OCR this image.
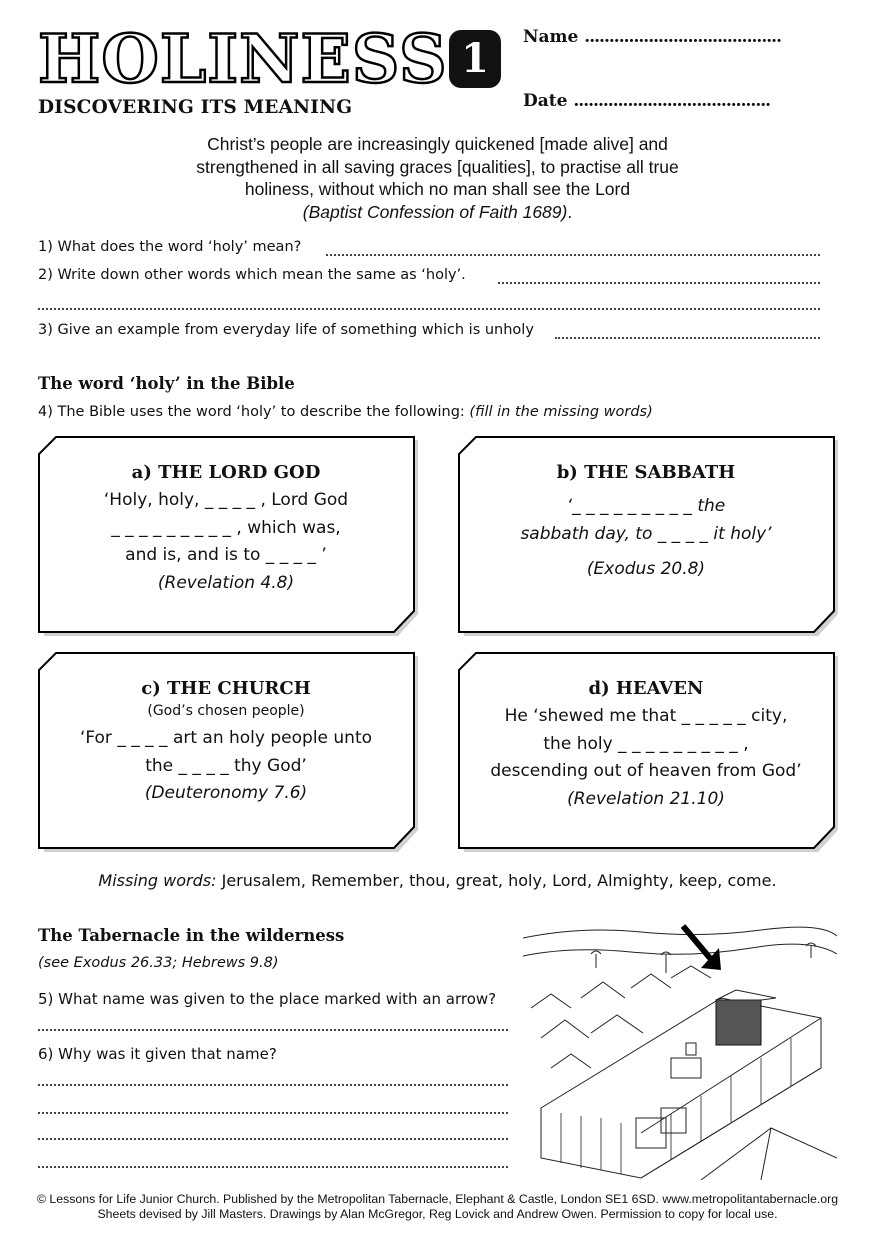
HOLINESS 1
DISCOVERING ITS MEANING
Name ........................................
Date ........................................
Christ’s people are increasingly quickened [made alive] and
strengthened in all saving graces [qualities], to practise all true
holiness, without which no man shall see the Lord
(Baptist Confession of Faith 1689).
1) What does the word ‘holy’ mean?
2) Write down other words which mean the same as ‘holy’.
3) Give an example from everyday life of something which is unholy
The word ‘holy’ in the Bible
4) The Bible uses the word ‘holy’ to describe the following: (fill in the missing words)
a) THE LORD GOD
‘Holy, holy, _ _ _ _ , Lord God
_ _ _ _ _ _ _ _ _ , which was,
and is, and is to _ _ _ _ ’
(Revelation 4.8)
b) THE SABBATH
‘_ _ _ _ _ _ _ _ _ the
sabbath day, to _ _ _ _ it holy’
(Exodus 20.8)
c) THE CHURCH
(God’s chosen people)
‘For _ _ _ _ art an holy people unto
the _ _ _ _ thy God’
(Deuteronomy 7.6)
d) HEAVEN
He ‘shewed me that _ _ _ _ _ city,
the holy _ _ _ _ _ _ _ _ _ ,
descending out of heaven from God’
(Revelation 21.10)
Missing words: Jerusalem, Remember, thou, great, holy, Lord, Almighty, keep, come.
The Tabernacle in the wilderness
(see Exodus 26.33; Hebrews 9.8)
5) What name was given to the place marked with an arrow?
6) Why was it given that name?
© Lessons for Life Junior Church. Published by the Metropolitan Tabernacle, Elephant & Castle, London SE1 6SD. www.metropolitantabernacle.org
Sheets devised by Jill Masters. Drawings by Alan McGregor, Reg Lovick and Andrew Owen. Permission to copy for local use.
